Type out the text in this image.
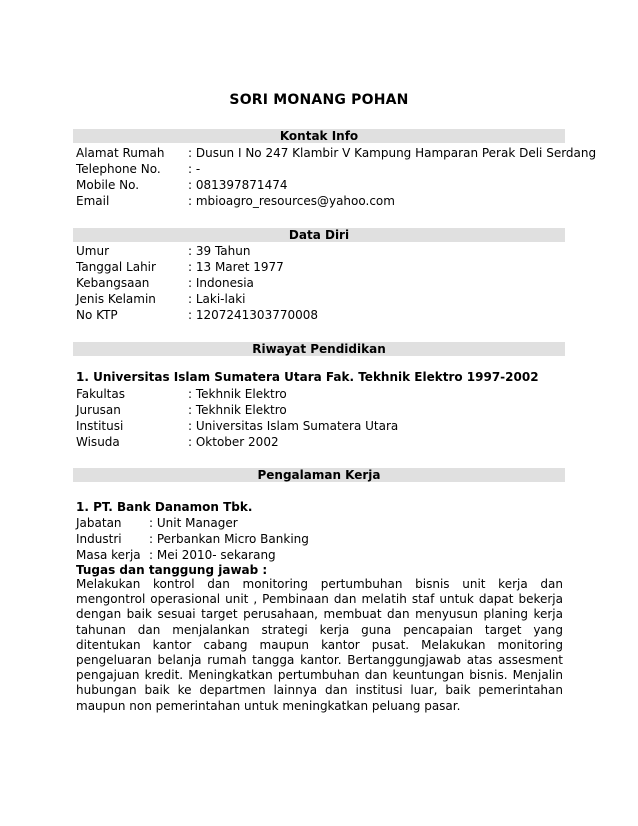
SORI MONANG POHAN
Kontak Info
Alamat Rumah : Dusun I No 247 Klambir V Kampung Hamparan Perak Deli Serdang
Telephone No. : -
Mobile No.	: 081397871474
Email	: mbioagro_resources@yahoo.com
Data Diri
Umur	: 39 Tahun
Tanggal Lahir	: 13 Maret 1977
Kebangsaan	: Indonesia
Jenis Kelamin	: Laki-laki
No KTP	: 1207241303770008
Riwayat Pendidikan
1. Universitas Islam Sumatera Utara Fak. Tekhnik Elektro 1997-2002
Fakultas	: Tekhnik Elektro
Jurusan	: Tekhnik Elektro
Institusi	: Universitas Islam Sumatera Utara
Wisuda	: Oktober 2002
Pengalaman Kerja
1. PT. Bank Danamon Tbk.
Jabatan : Unit Manager
Industri : Perbankan Micro Banking
Masa kerja : Mei 2010- sekarang
Tugas dan tanggung jawab :

Melakukan kontrol dan monitoring pertumbuhan bisnis unit kerja dan mengontrol operasional unit , Pembinaan dan melatih staf untuk dapat bekerja dengan baik sesuai target perusahaan, membuat dan menyusun planing kerja tahunan dan menjalankan strategi kerja guna pencapaian target yang ditentukan kantor cabang maupun kantor pusat. Melakukan monitoring pengeluaran belanja rumah tangga kantor. Bertanggungjawab atas assesment pengajuan kredit. Meningkatkan pertumbuhan dan keuntungan bisnis. Menjalin hubungan baik ke departmen lainnya dan institusi luar, baik pemerintahan maupun non pemerintahan untuk meningkatkan peluang pasar.
